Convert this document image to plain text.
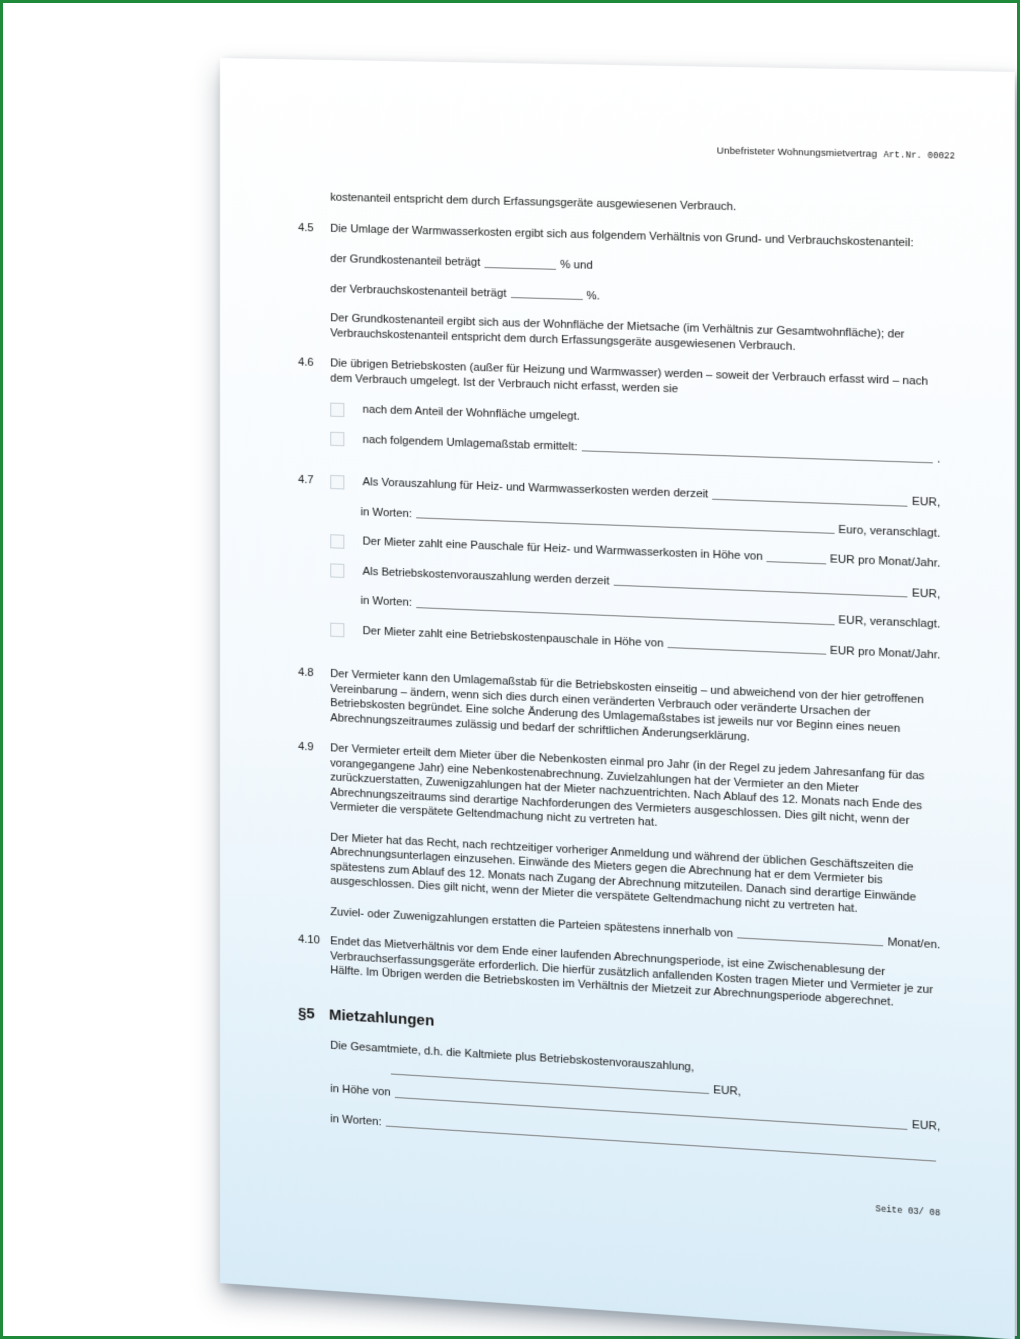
Unbefristeter Wohnungsmietvertrag Art.Nr. 00022

kostenanteil entspricht dem durch Erfassungsgeräte ausgewiesenen Verbrauch.

4.5 Die Umlage der Warmwasserkosten ergibt sich aus folgendem Verhältnis von Grund- und Verbrauchskostenanteil:
der Grundkostenanteil beträgt	% und
der Verbrauchskostenanteil beträgt	%.

Der Grundkostenanteil ergibt sich aus der Wohnfläche der Mietsache (im Verhältnis zur Gesamtwohnfläche); der Verbrauchskostenanteil entspricht dem durch Erfassungsgeräte ausgewiesenen Verbrauch.

4.6 Die übrigen Betriebskosten (außer für Heizung und Warmwasser) werden – soweit der Verbrauch erfasst wird – nach dem Verbrauch umgelegt. Ist der Verbrauch nicht erfasst, werden sie
nach dem Anteil der Wohnfläche umgelegt.
nach folgendem Umlagemaßstab ermittelt:
.
4.7	Als Vorauszahlung für Heiz- und Warmwasserkosten werden derzeit
EUR,
in Worten:
Euro, veranschlagt.
Der Mieter zahlt eine Pauschale für Heiz- und Warmwasserkosten in Höhe von	EUR pro Monat/Jahr.
Als Betriebskostenvorauszahlung werden derzeit
EUR,
in Worten:
EUR, veranschlagt.
Der Mieter zahlt eine Betriebskostenpauschale in Höhe von
EUR pro Monat/Jahr.
4.8 Der Vermieter kann den Umlagemaßstab für die Betriebskosten einseitig – und abweichend von der hier getroffenen Vereinbarung – ändern, wenn sich dies durch einen veränderten Verbrauch oder veränderte Ursachen der Betriebskosten begründet. Eine solche Änderung des Umlagemaßstabes ist jeweils nur vor Beginn eines neuen Abrechnungszeitraumes zulässig und bedarf der schriftlichen Änderungserklärung.
4.9 Der Vermieter erteilt dem Mieter über die Nebenkosten einmal pro Jahr (in der Regel zu jedem Jahresanfang für das vorangegangene Jahr) eine Nebenkostenabrechnung. Zuvielzahlungen hat der Vermieter an den Mieter zurückzuerstatten, Zuwenigzahlungen hat der Mieter nachzuentrichten. Nach Ablauf des 12. Monats nach Ende des Abrechnungszeitraums sind derartige Nachforderungen des Vermieters ausgeschlossen. Dies gilt nicht, wenn der Vermieter die verspätete Geltendmachung nicht zu vertreten hat.

Der Mieter hat das Recht, nach rechtzeitiger vorheriger Anmeldung und während der üblichen Geschäftszeiten die Abrechnungsunterlagen einzusehen. Einwände des Mieters gegen die Abrechnung hat er dem Vermieter bis spätestens zum Ablauf des 12. Monats nach Zugang der Abrechnung mitzuteilen. Danach sind derartige Einwände ausgeschlossen. Dies gilt nicht, wenn der Mieter die verspätete Geltendmachung nicht zu vertreten hat.

Zuviel- oder Zuwenigzahlungen erstatten die Parteien spätestens innerhalb von
Monat/en.
4.10 Endet das Mietverhältnis vor dem Ende einer laufenden Abrechnungsperiode, ist eine Zwischenablesung der Verbrauchserfassungsgeräte erforderlich. Die hierfür zusätzlich anfallenden Kosten tragen Mieter und Vermieter je zur Hälfte. Im Übrigen werden die Betriebskosten im Verhältnis der Mietzeit zur Abrechnungsperiode abgerechnet.
§5 Mietzahlungen

Die Gesamtmiete, d.h. die Kaltmiete plus Betriebskostenvorauszahlung,

EUR,
in Höhe von
EUR,
in Worten:
Seite 03/ 08
